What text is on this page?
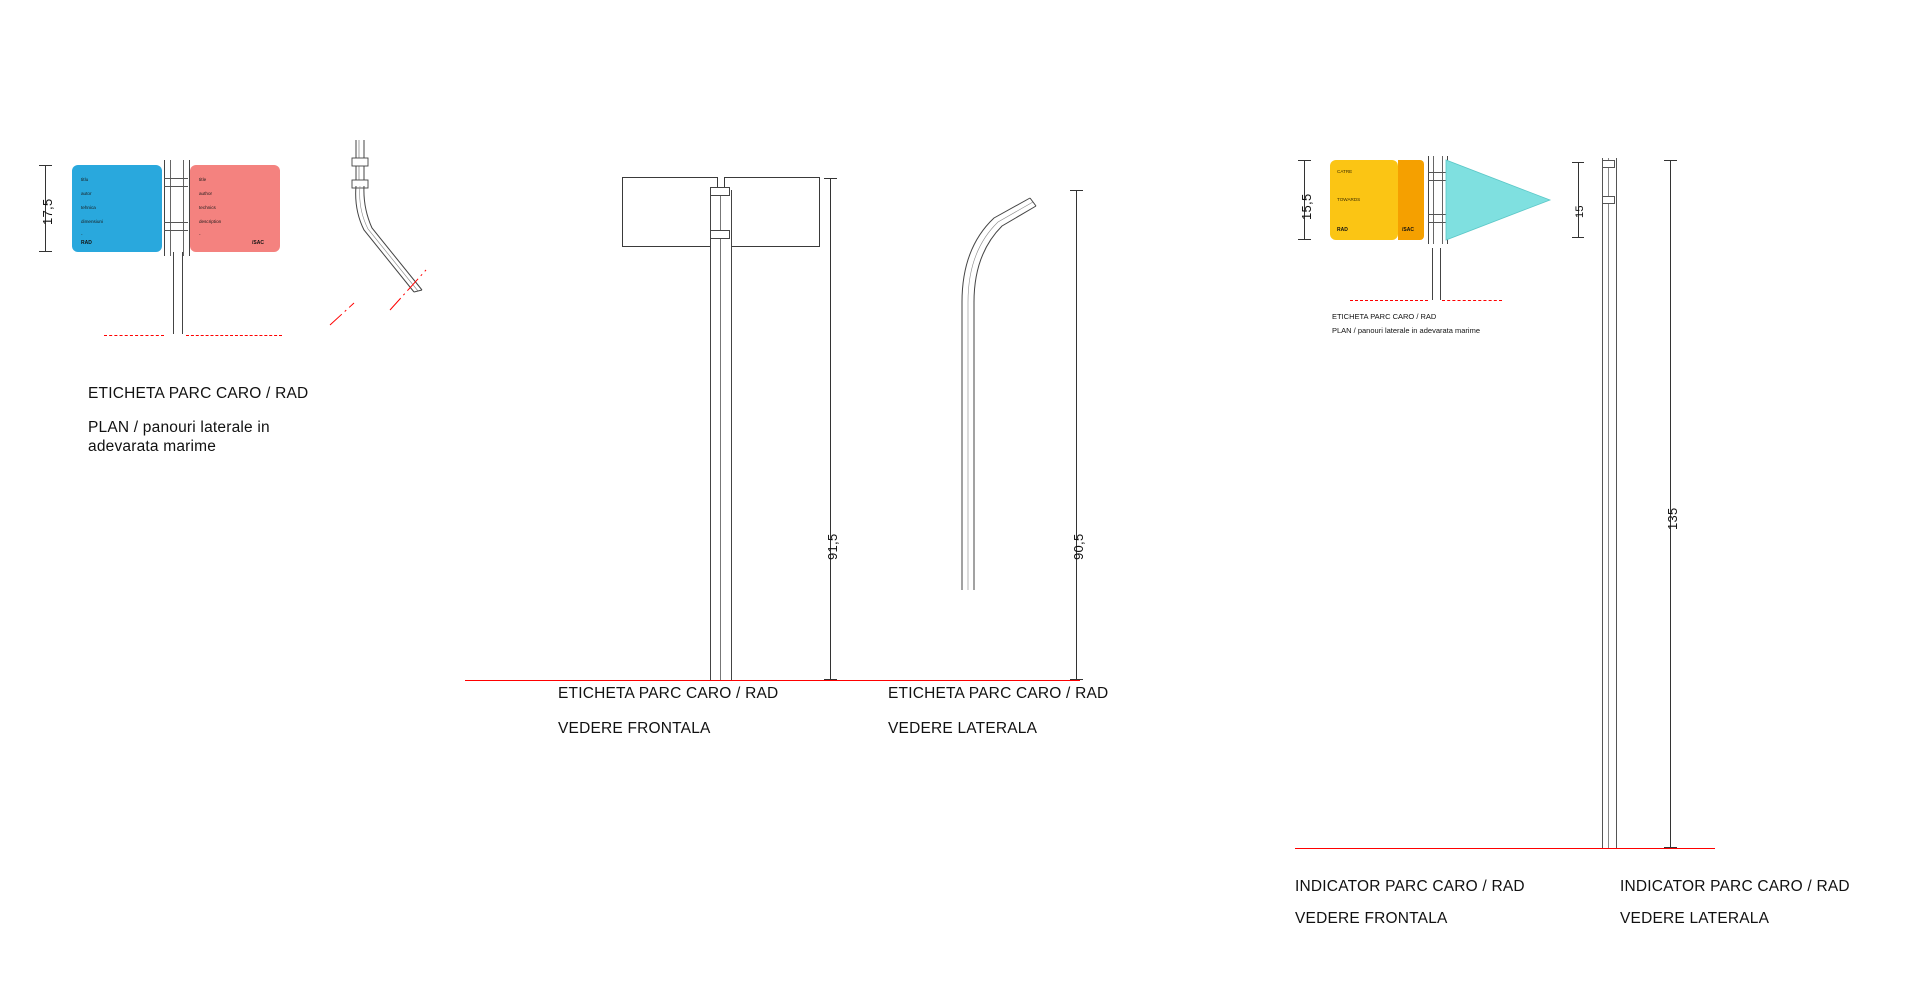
17,5
titlu
autor
tehnica
dimensiuni
-
RAD
title
author
technics
description
-
/SAC
ETICHETA PARC CARO / RAD
PLAN / panouri laterale in
adevarata marime
91,5
ETICHETA PARC CARO / RAD
VEDERE FRONTALA
90,5
ETICHETA PARC CARO / RAD
VEDERE LATERALA
15,5
CATRE
TOWARDS
RAD	/SAC
ETICHETA PARC CARO / RAD
PLAN / panouri laterale in adevarata marime
15
135
INDICATOR PARC CARO / RAD
VEDERE FRONTALA
INDICATOR PARC CARO / RAD
VEDERE LATERALA
